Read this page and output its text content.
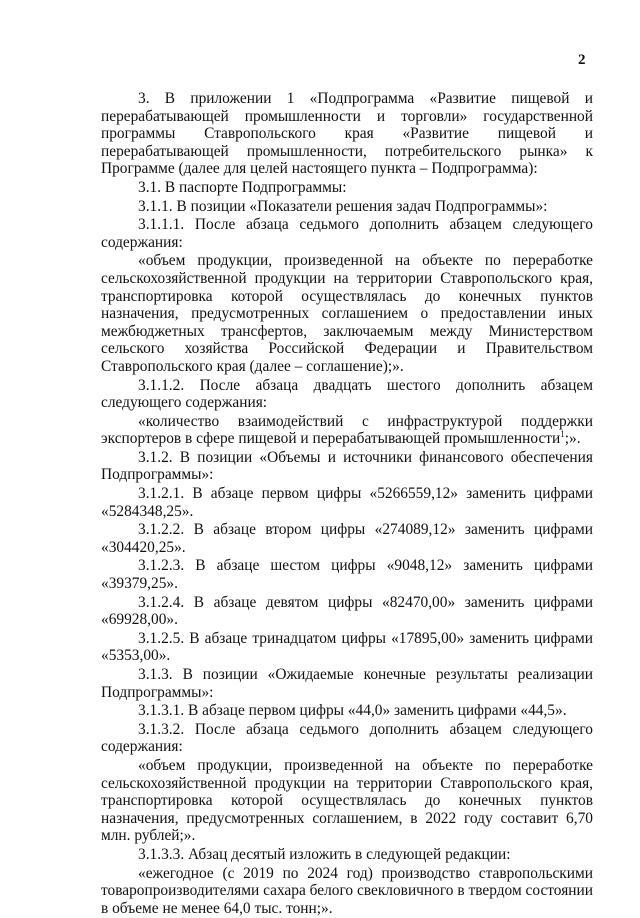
2

3. В приложении 1 «Подпрограмма «Развитие пищевой и перерабатывающей промышленности и торговли» государственной программы Ставропольского края «Развитие пищевой и перерабатывающей промышленности, потребительского рынка» к Программе (далее для целей настоящего пункта – Подпрограмма):

3.1. В паспорте Подпрограммы:

3.1.1. В позиции «Показатели решения задач Подпрограммы»:

3.1.1.1. После абзаца седьмого дополнить абзацем следующего содержания:

«объем продукции, произведенной на объекте по переработке сельскохозяйственной продукции на территории Ставропольского края, транспортировка которой осуществлялась до конечных пунктов назначения, предусмотренных соглашением о предоставлении иных межбюджетных трансфертов, заключаемым между Министерством сельского хозяйства Российской Федерации и Правительством Ставропольского края (далее – соглашение);».

3.1.1.2. После абзаца двадцать шестого дополнить абзацем следующего содержания:

«количество взаимодействий с инфраструктурой поддержки экспортеров в сфере пищевой и перерабатывающей промышленности$^1$;».

3.1.2. В позиции «Объемы и источники финансового обеспечения Подпрограммы»:

3.1.2.1. В абзаце первом цифры «5266559,12» заменить цифрами «5284348,25».

3.1.2.2. В абзаце втором цифры «274089,12» заменить цифрами «304420,25».

3.1.2.3. В абзаце шестом цифры «9048,12» заменить цифрами «39379,25».

3.1.2.4. В абзаце девятом цифры «82470,00» заменить цифрами «69928,00».

3.1.2.5. В абзаце тринадцатом цифры «17895,00» заменить цифрами «5353,00».

3.1.3. В позиции «Ожидаемые конечные результаты реализации Подпрограммы»:

3.1.3.1. В абзаце первом цифры «44,0» заменить цифрами «44,5».

3.1.3.2. После абзаца седьмого дополнить абзацем следующего содержания:

«объем продукции, произведенной на объекте по переработке сельскохозяйственной продукции на территории Ставропольского края, транспортировка которой осуществлялась до конечных пунктов назначения, предусмотренных соглашением, в 2022 году составит 6,70 млн. рублей;».

3.1.3.3. Абзац десятый изложить в следующей редакции:

«ежегодное (с 2019 по 2024 год) производство ставропольскими товаропроизводителями сахара белого свекловичного в твердом состоянии в объеме не менее 64,0 тыс. тонн;».
